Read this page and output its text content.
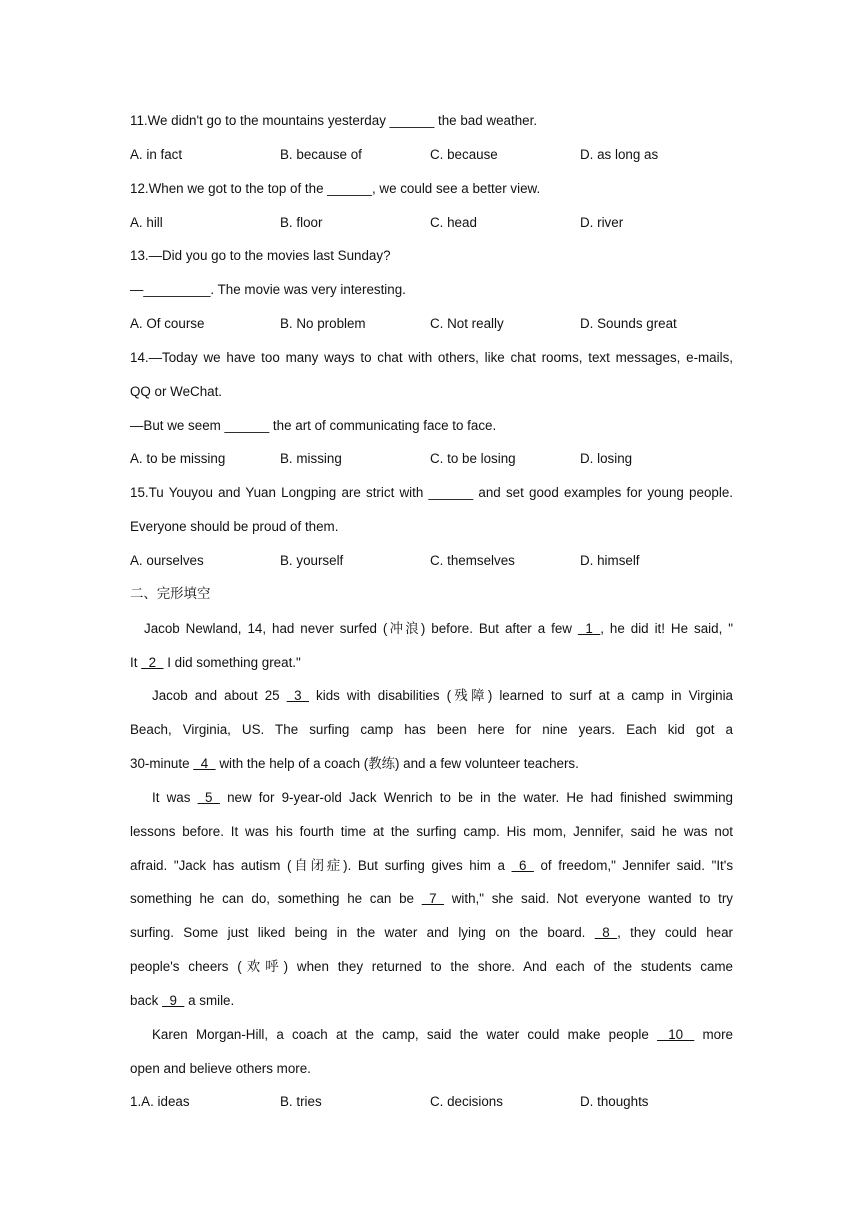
11.We didn't go to the mountains yesterday ______ the bad weather.
A. in fact	B. because of	C. because	D. as long as
12.When we got to the top of the ______, we could see a better view.
A. hill	B. floor	C. head	D. river
13.—Did you go to the movies last Sunday?
—_________. The movie was very interesting.
A. Of course	B. No problem	C. Not really	D. Sounds great
14.—Today we have too many ways to chat with others, like chat rooms, text messages, e-mails,
QQ or WeChat.
—But we seem ______ the art of communicating face to face.
A. to be missing	B. missing	C. to be losing	D. losing
15.Tu Youyou and Yuan Longping are strict with ______ and set good examples for young people.
Everyone should be proud of them.
A. ourselves	B. yourself	C. themselves	D. himself
二、完形填空
Jacob Newland, 14, had never surfed (冲浪) before. But after a few   1  , he did it! He said, "
It   2   I did something great."
Jacob and about 25   3   kids with disabilities (残障) learned to surf at a camp in Virginia
Beach, Virginia, US. The surfing camp has been here for nine years. Each kid got a
30-minute   4   with the help of a coach (教练) and a few volunteer teachers.
It was   5   new for 9-year-old Jack Wenrich to be in the water. He had finished swimming
lessons before. It was his fourth time at the surfing camp. His mom, Jennifer, said he was not
afraid. "Jack has autism (自闭症). But surfing gives him a   6   of freedom," Jennifer said. "It's
something he can do, something he can be   7   with," she said. Not everyone wanted to try
surfing. Some just liked being in the water and lying on the board.   8  , they could hear
people's cheers (欢呼) when they returned to the shore. And each of the students came
back   9   a smile.
Karen Morgan-Hill, a coach at the camp, said the water could make people    10    more
open and believe others more.
1.A. ideas	B. tries	C. decisions	D. thoughts
